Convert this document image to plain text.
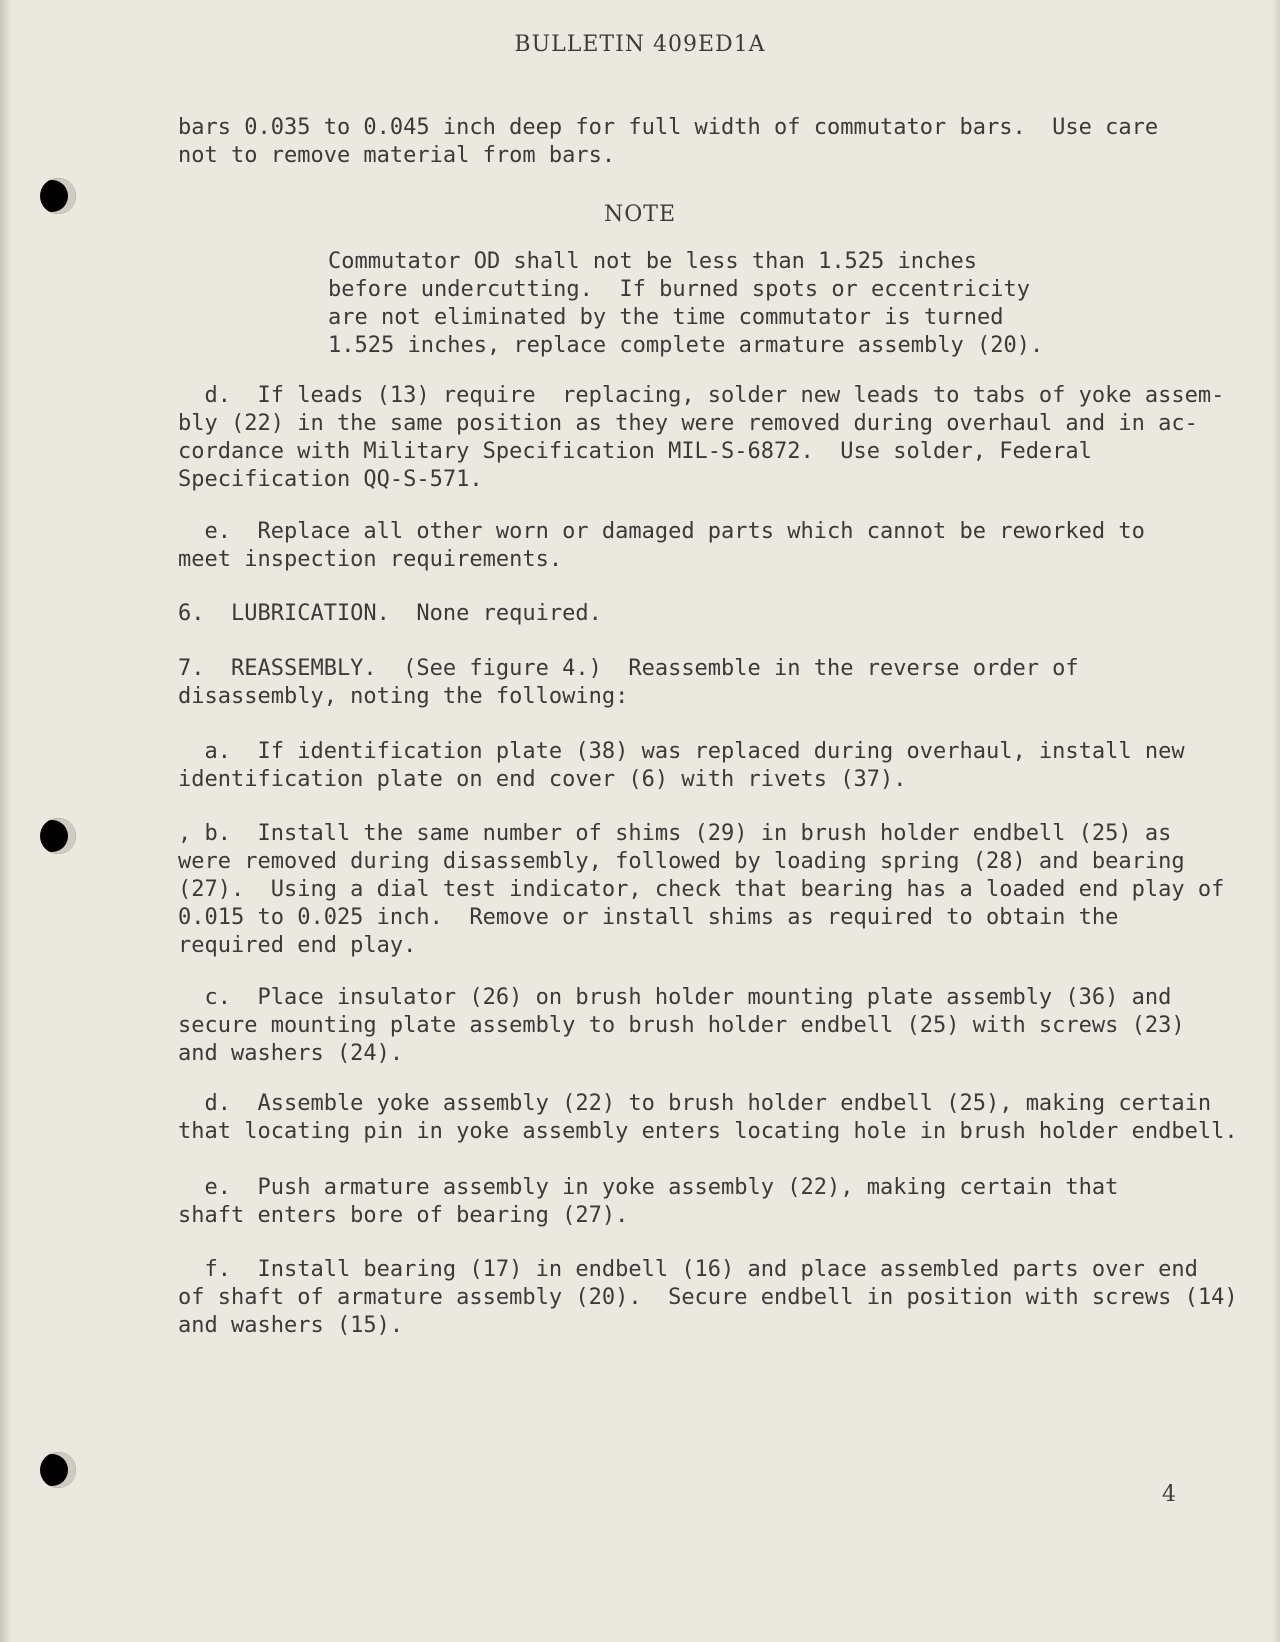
BULLETIN 409ED1A
bars 0.035 to 0.045 inch deep for full width of commutator bars.  Use care
not to remove material from bars.
NOTE
Commutator OD shall not be less than 1.525 inches
before undercutting.  If burned spots or eccentricity
are not eliminated by the time commutator is turned
1.525 inches, replace complete armature assembly (20).
d.  If leads (13) require  replacing, solder new leads to tabs of yoke assem-
bly (22) in the same position as they were removed during overhaul and in ac-
cordance with Military Specification MIL-S-6872.  Use solder, Federal
Specification QQ-S-571.
e.  Replace all other worn or damaged parts which cannot be reworked to
meet inspection requirements.
6.  LUBRICATION.  None required.
7.  REASSEMBLY.  (See figure 4.)  Reassemble in the reverse order of
disassembly, noting the following:
a.  If identification plate (38) was replaced during overhaul, install new
identification plate on end cover (6) with rivets (37).
, b.  Install the same number of shims (29) in brush holder endbell (25) as
were removed during disassembly, followed by loading spring (28) and bearing
(27).  Using a dial test indicator, check that bearing has a loaded end play of
0.015 to 0.025 inch.  Remove or install shims as required to obtain the
required end play.
c.  Place insulator (26) on brush holder mounting plate assembly (36) and
secure mounting plate assembly to brush holder endbell (25) with screws (23)
and washers (24).
d.  Assemble yoke assembly (22) to brush holder endbell (25), making certain
that locating pin in yoke assembly enters locating hole in brush holder endbell.
e.  Push armature assembly in yoke assembly (22), making certain that
shaft enters bore of bearing (27).
f.  Install bearing (17) in endbell (16) and place assembled parts over end
of shaft of armature assembly (20).  Secure endbell in position with screws (14)
and washers (15).
4
